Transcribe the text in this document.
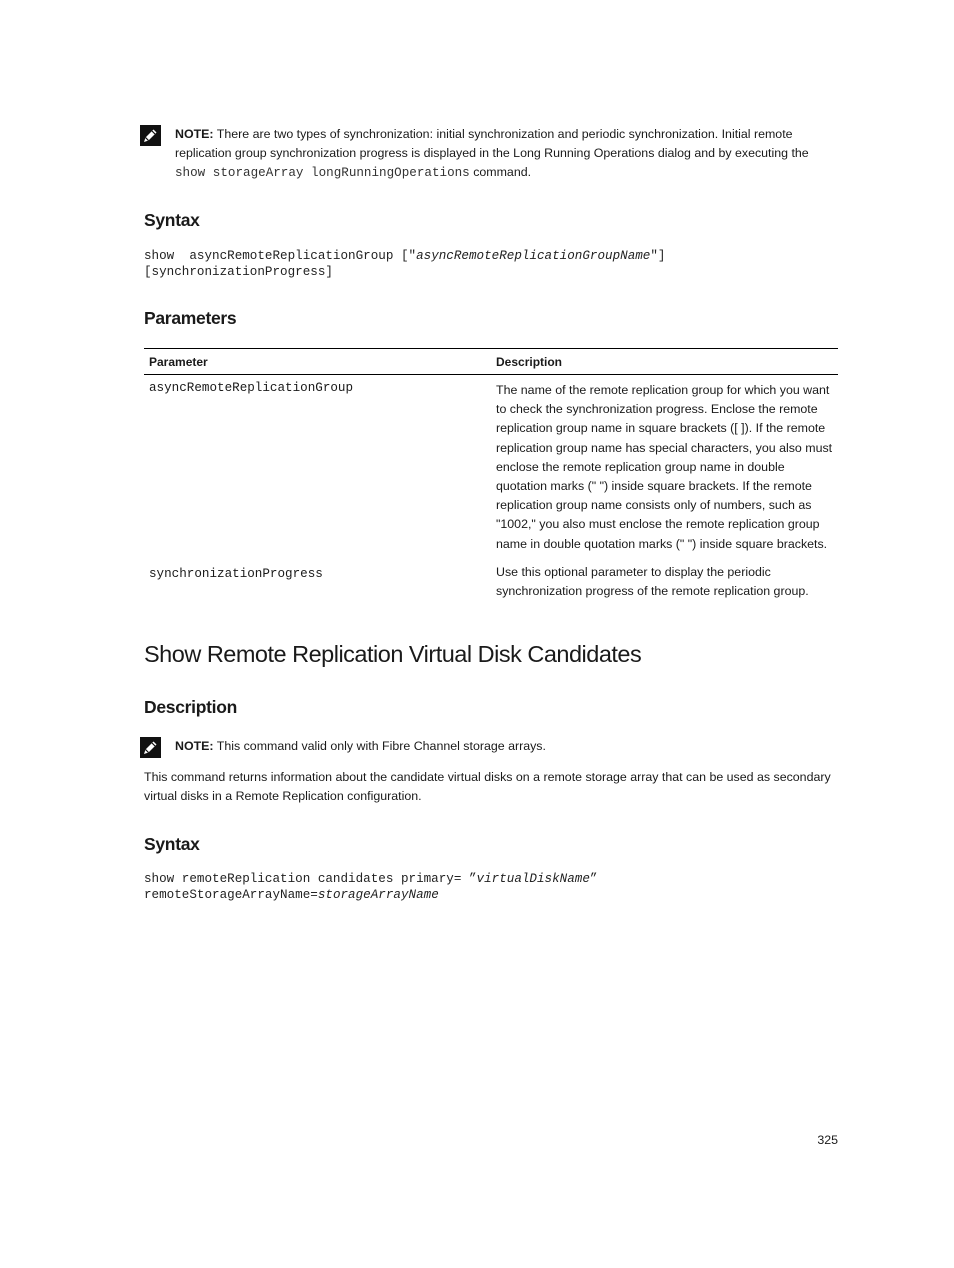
NOTE: There are two types of synchronization: initial synchronization and periodic synchronization. Initial remote replication group synchronization progress is displayed in the Long Running Operations dialog and by executing the show storageArray longRunningOperations command.
Syntax
show  asyncRemoteReplicationGroup ["asyncRemoteReplicationGroupName"]
[synchronizationProgress]
Parameters
Parameter	Description
asyncRemoteReplicationGroup	The name of the remote replication group for which you want to check the synchronization progress. Enclose the remote replication group name in square brackets ([ ]). If the remote replication group name has special characters, you also must enclose the remote replication group name in double quotation marks (" ") inside square brackets. If the remote replication group name consists only of numbers, such as "1002," you also must enclose the remote replication group name in double quotation marks (" ") inside square brackets.
synchronizationProgress	Use this optional parameter to display the periodic synchronization progress of the remote replication group.
Show Remote Replication Virtual Disk Candidates
Description
NOTE: This command valid only with Fibre Channel storage arrays.
This command returns information about the candidate virtual disks on a remote storage array that can be used as secondary virtual disks in a Remote Replication configuration.
Syntax
show remoteReplication candidates primary= ”virtualDiskName”
remoteStorageArrayName=storageArrayName
325
